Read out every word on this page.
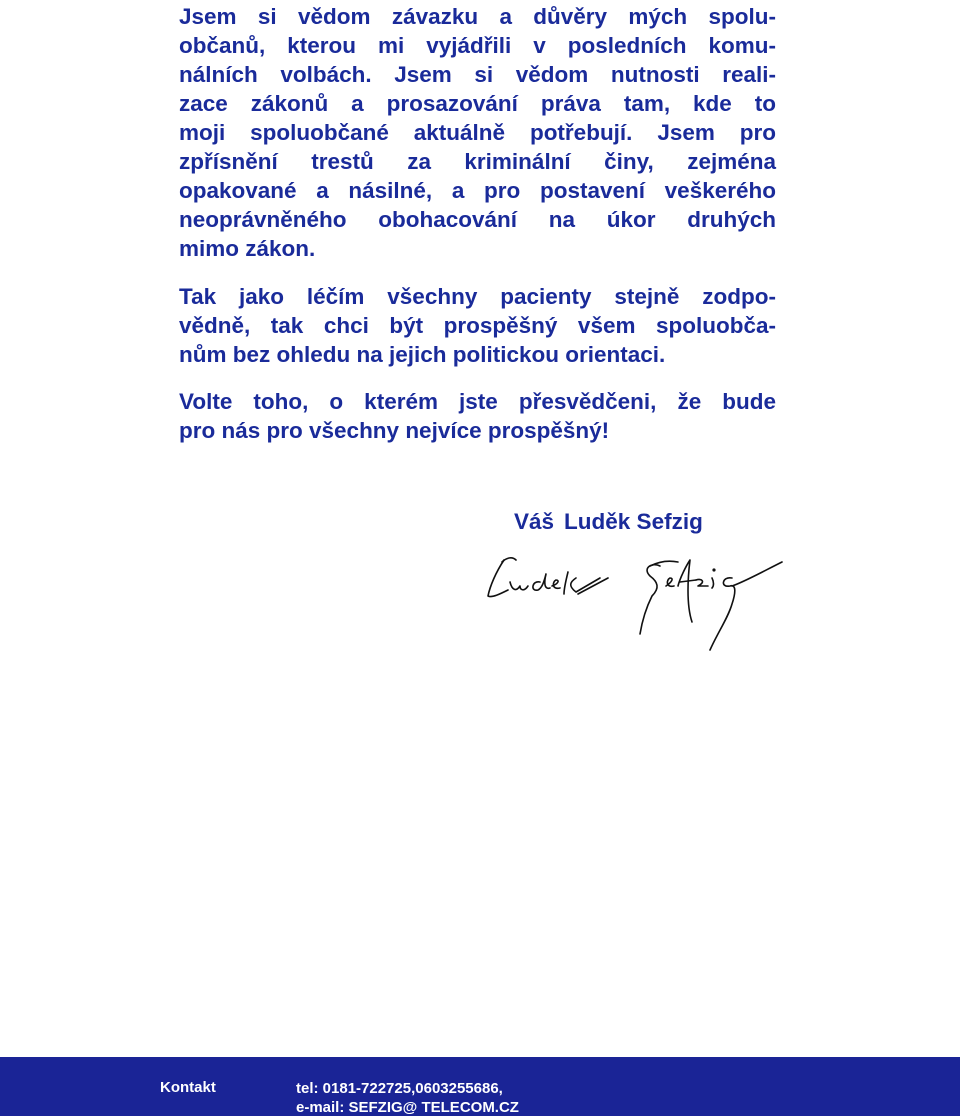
Jsem si vědom závazku a důvěry mých spolu-
občanů, kterou mi vyjádřili v posledních komu-
nálních volbách. Jsem si vědom nutnosti reali-
zace zákonů a prosazování práva tam, kde to
moji spoluobčané aktuálně potřebují. Jsem pro
zpřísnění trestů za kriminální činy, zejména
opakované a násilné, a pro postavení veškerého
neoprávněného obohacování na úkor druhých
mimo zákon.

Tak jako léčím všechny pacienty stejně zodpo-
vědně, tak chci být prospěšný všem spoluobča-
nům bez ohledu na jejich politickou orientaci.

Volte toho, o kterém jste přesvědčeni, že bude
pro nás pro všechny nejvíce prospěšný!

Váš Luděk Sefzig
Kontakt	tel: 0181-722725,0603255686,
e-mail: SEFZIG@ TELECOM.CZ
